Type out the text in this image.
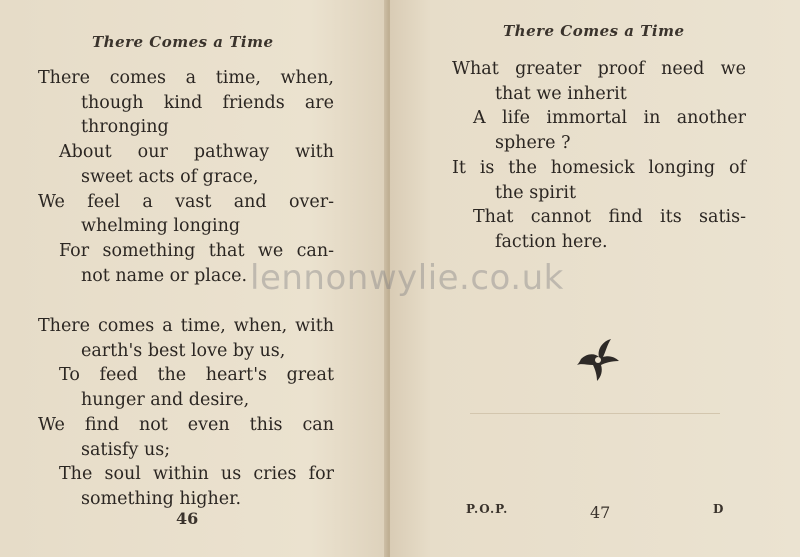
There Comes a Time
There comes a time, when,
though kind friends are
thronging
About our pathway with
sweet acts of grace,
We feel a vast and over-
whelming longing
For something that we can-
not name or place.
There comes a time, when, with
earth's best love by us,
To feed the heart's great
hunger and desire,
We find not even this can
satisfy us;
The soul within us cries for
something higher.
46
There Comes a Time
What greater proof need we
that we inherit
A life immortal in another
sphere ?
It is the homesick longing of
the spirit
That cannot find its satis-
faction here.
P.O.P.	47	D
lennonwylie.co.uk
